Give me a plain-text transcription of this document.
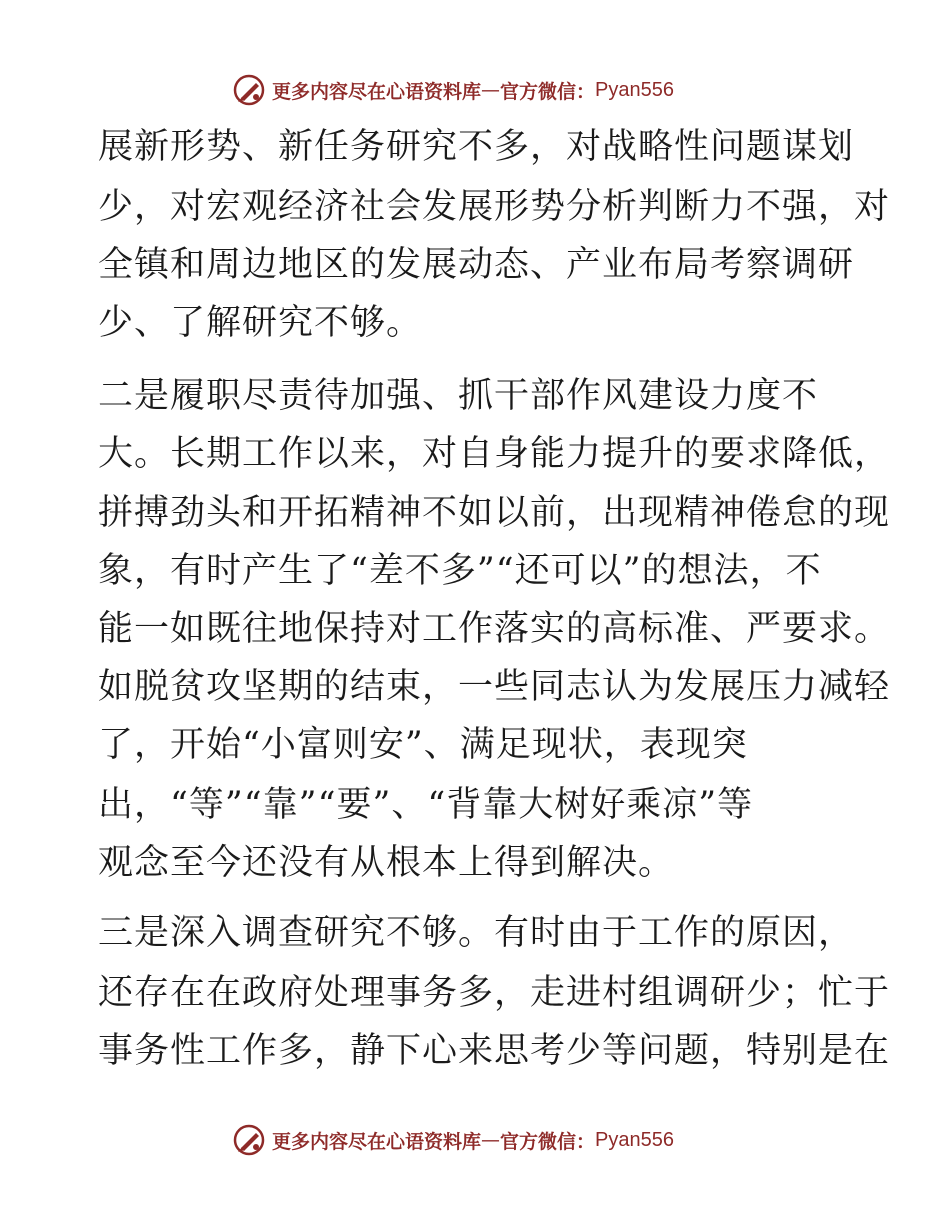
更多内容尽在心语资料库 — 官方微信： Pyan556
展新形势、新任务研究不多，对战略性问题谋划
少，对宏观经济社会发展形势分析判断力不强，对
全镇和周边地区的发展动态、产业布局考察调研
少、了解研究不够。
二是履职尽责待加强、抓干部作风建设力度不
大。长期工作以来，对自身能力提升的要求降低，
拼搏劲头和开拓精神不如以前，出现精神倦怠的现
象，有时产生了“差不多”“还可以”的想法，不
能一如既往地保持对工作落实的高标准、严要求。
如脱贫攻坚期的结束，一些同志认为发展压力减轻
了，开始“小富则安”、满足现状，表现突
出，“等”“靠”“要”、“背靠大树好乘凉”等
观念至今还没有从根本上得到解决。
三是深入调查研究不够。有时由于工作的原因，
还存在在政府处理事务多，走进村组调研少；忙于
事务性工作多，静下心来思考少等问题，特别是在
更多内容尽在心语资料库 — 官方微信： Pyan556
